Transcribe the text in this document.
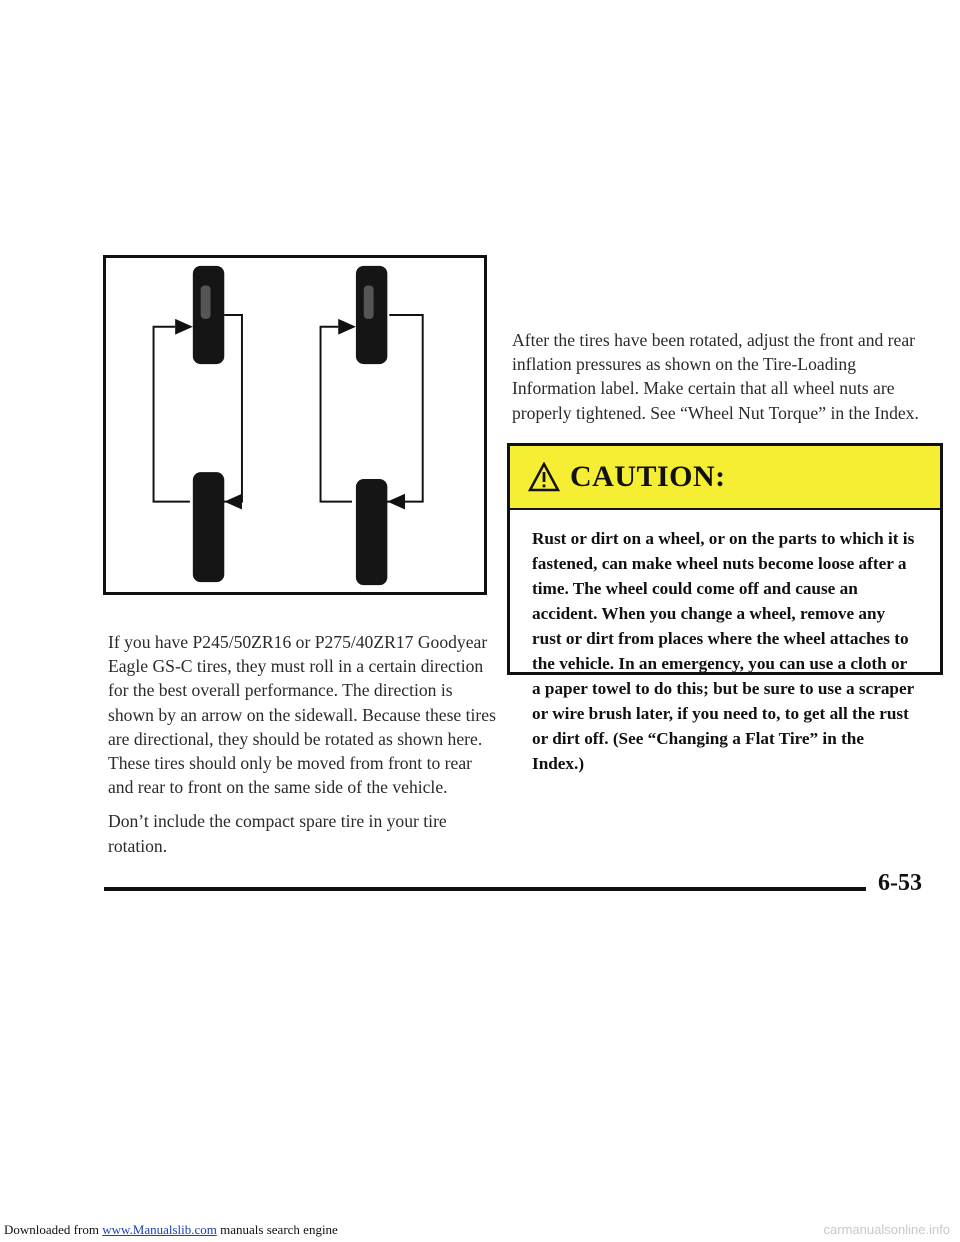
If you have P245/50ZR16 or P275/40ZR17 Goodyear Eagle GS-C tires, they must roll in a certain direction for the best overall performance. The direction is shown by an arrow on the sidewall. Because these tires are directional, they should be rotated as shown here. These tires should only be moved from front to rear and rear to front on the same side of the vehicle.

Don’t include the compact spare tire in your tire rotation.

After the tires have been rotated, adjust the front and rear inflation pressures as shown on the Tire-Loading Information label. Make certain that all wheel nuts are properly tightened. See “Wheel Nut Torque” in the Index.

CAUTION:
Rust or dirt on a wheel, or on the parts to which it is fastened, can make wheel nuts become loose after a time. The wheel could come off and cause an accident. When you change a wheel, remove any rust or dirt from places where the wheel attaches to the vehicle. In an emergency, you can use a cloth or a paper towel to do this; but be sure to use a scraper or wire brush later, if you need to, to get all the rust or dirt off. (See “Changing a Flat Tire” in the Index.)
6-53
Downloaded from www.Manualslib.com manuals search engine	carmanualsonline.info
